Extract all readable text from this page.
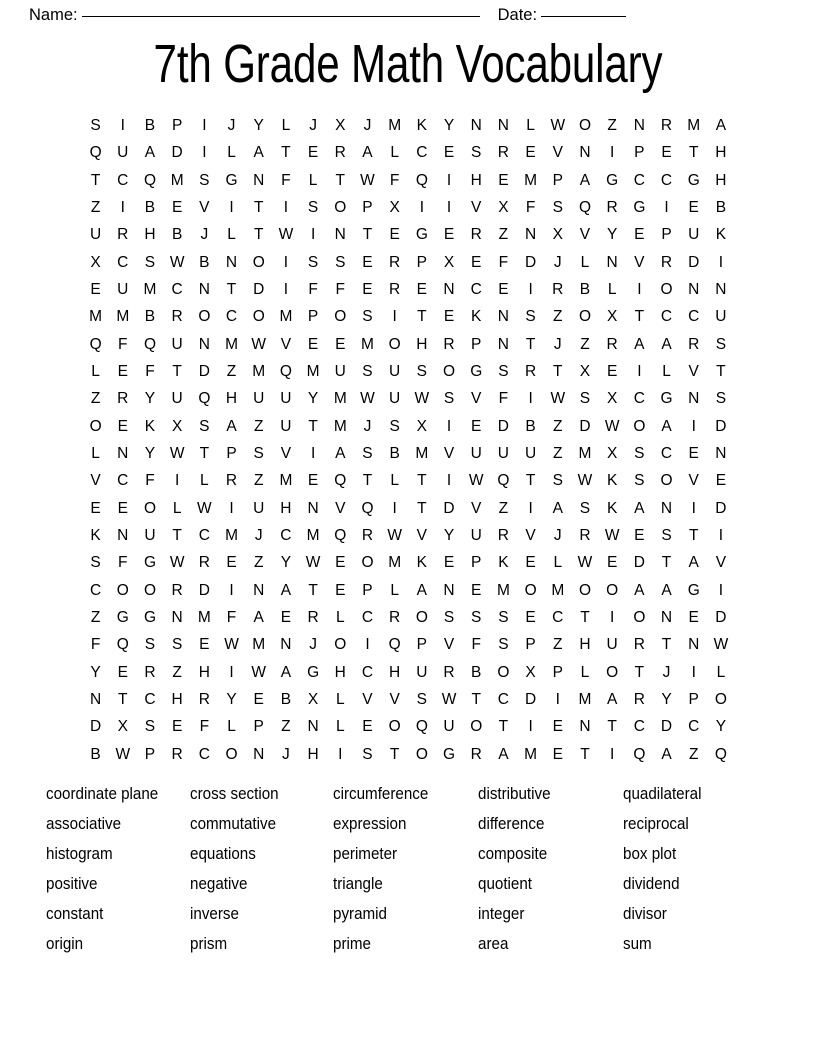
Name:	Date:
7th Grade Math Vocabulary
S	I	B	P	I	J	Y	L	J	X	J	M	K	Y	N	N	L	W O	Z	N	R M	A
Q	U	A	D	I	L	A	T	E	R	A	L	C	E	S	R	E	V	N	I	P	E	T	H
T	C	Q M	S	G	N	F	L	T W F	Q	I	H	E	M	P	A	G	C	C	G	H
Z	I	B	E	V	I	T	I	S	O	P	X	I	I	V	X	F	S	Q	R	G	I	E	B
U	R	H	B	J	L	T W	I	N	T	E	G	E	R	Z	N	X	V	Y	E	P	U	K
X	C	S W B	N	O	I	S	S	E	R	P	X	E	F	D	J	L	N	V	R	D	I
E	U M C	N	T	D	I	F	F	E	R	E	N	C	E	I	R	B	L	I	O	N	N
M M	B	R	O	C	O M	P	O	S	I	T	E	K	N	S	Z	O	X	T	C	C	U
Q	F	Q	U	N M W V	E	E	M O	H	R	P	N	T	J	Z	R	A	A	R	S
L	E	F	T	D	Z	M Q M U	S	U	S	O G	S	R	T	X	E	I	L	V	T
Z	R	Y	U	Q	H	U	U	Y	M W U W S	V	F	I	W S	X	C	G	N	S
O	E	K	X	S	A	Z	U	T	M	J	S	X	I	E	D	B	Z	D W O	A	I	D
L	N	Y W T	P	S	V	I	A	S	B	M	V	U	U	U	Z	M	X	S	C	E	N
V	C	F	I	L	R	Z	M	E	Q	T	L	T	I	W Q	T	S W K	S	O	V	E
E	E	O	L	W	I	U	H	N	V	Q	I	T	D	V	Z	I	A	S	K	A	N	I	D
K	N	U	T	C M	J	C M Q	R W V	Y	U	R	V	J	R W E	S	T	I
S	F	G W R	E	Z	Y W E	O M	K	E	P	K	E	L	W E	D	T	A	V
C	O O	R	D	I	N	A	T	E	P	L	A	N	E	M O M O O	A	A	G	I
Z	G G	N M	F	A	E	R	L	C	R	O	S	S	S	E	C	T	I	O	N	E	D
F	Q	S	S	E W M N	J	O	I	Q	P	V	F	S	P	Z	H	U	R	T	N W
Y	E	R	Z	H	I	W A	G	H	C	H	U	R	B	O	X	P	L	O	T	J	I	L
N	T	C	H	R	Y	E	B	X	L	V	V	S W T	C	D	I	M	A	R	Y	P	O
D	X	S	E	F	L	P	Z	N	L	E	O Q	U	O	T	I	E	N	T	C	D	C	Y
B W P	R	C	O	N	J	H	I	S	T	O G	R	A	M	E	T	I	Q	A	Z	Q
coordinate plane	cross section	circumference	distributive	quadilateral
associative	commutative	expression	difference	reciprocal
histogram	equations	perimeter	composite	box plot
positive	negative	triangle	quotient	dividend
constant	inverse	pyramid	integer	divisor
origin	prism	prime	area	sum
